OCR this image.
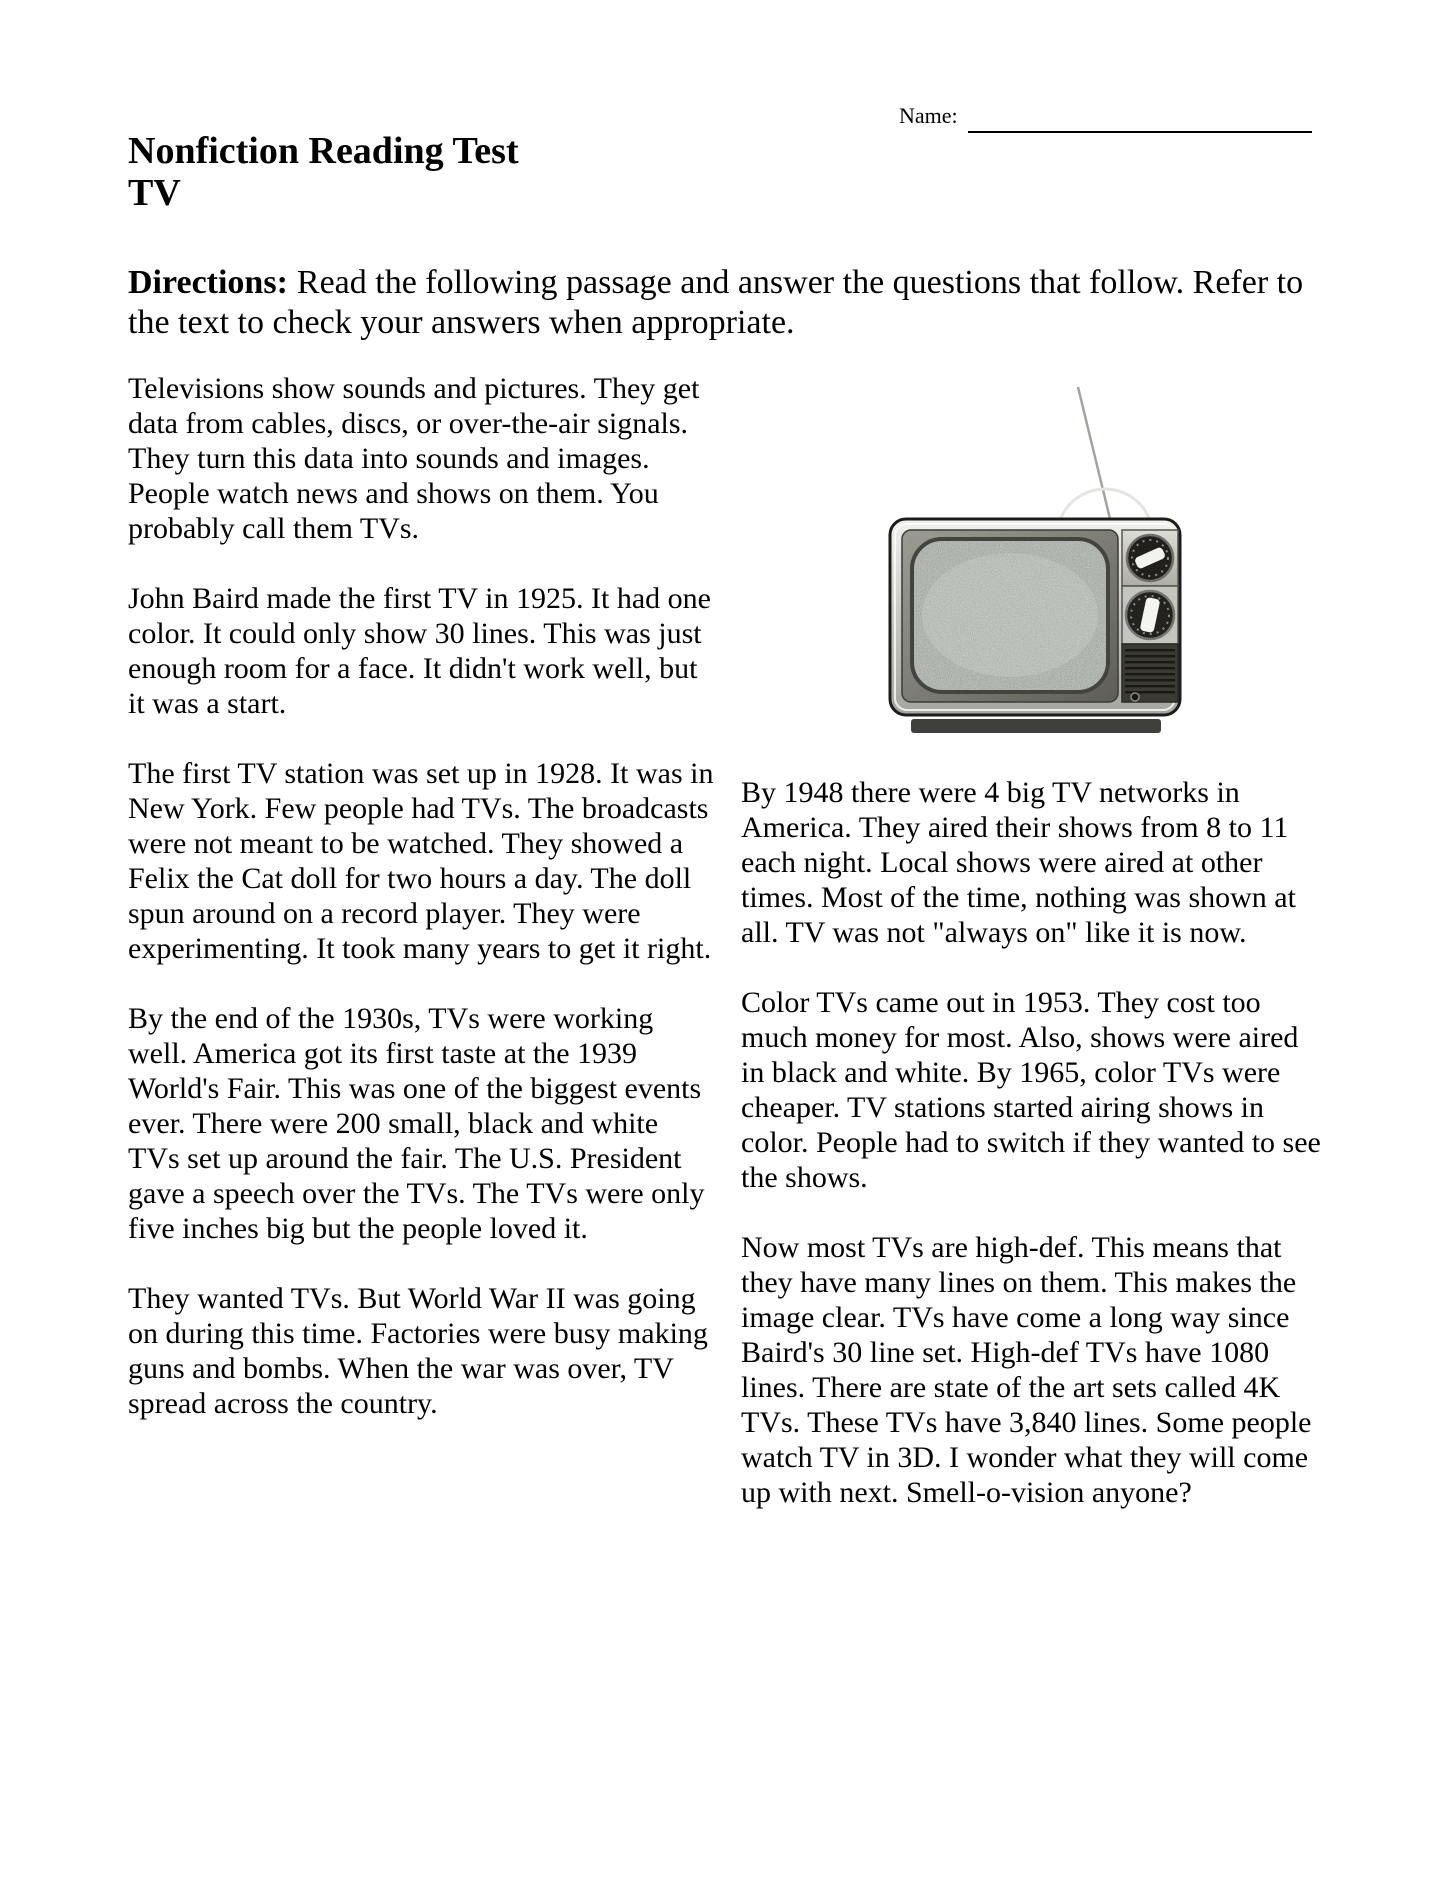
Name:
Nonfiction Reading Test
TV

Directions: Read the following passage and answer the questions that follow. Refer to the text to check your answers when appropriate.

Televisions show sounds and pictures. They get data from cables, discs, or over-the-air signals. They turn this data into sounds and images. People watch news and shows on them. You probably call them TVs.

John Baird made the first TV in 1925. It had one color. It could only show 30 lines. This was just enough room for a face. It didn't work well, but it was a start.

The first TV station was set up in 1928. It was in New York. Few people had TVs. The broadcasts were not meant to be watched. They showed a Felix the Cat doll for two hours a day. The doll spun around on a record player. They were experimenting. It took many years to get it right.

By the end of the 1930s, TVs were working well. America got its first taste at the 1939 World's Fair. This was one of the biggest events ever. There were 200 small, black and white TVs set up around the fair. The U.S. President gave a speech over the TVs. The TVs were only five inches big but the people loved it.

They wanted TVs. But World War II was going on during this time. Factories were busy making guns and bombs. When the war was over, TV spread across the country.

By 1948 there were 4 big TV networks in America. They aired their shows from 8 to 11 each night. Local shows were aired at other times. Most of the time, nothing was shown at all. TV was not "always on" like it is now.

Color TVs came out in 1953. They cost too much money for most. Also, shows were aired in black and white. By 1965, color TVs were cheaper. TV stations started airing shows in color. People had to switch if they wanted to see the shows.

Now most TVs are high-def. This means that they have many lines on them. This makes the image clear. TVs have come a long way since Baird's 30 line set. High-def TVs have 1080 lines. There are state of the art sets called 4K TVs. These TVs have 3,840 lines. Some people watch TV in 3D. I wonder what they will come up with next. Smell-o-vision anyone?
